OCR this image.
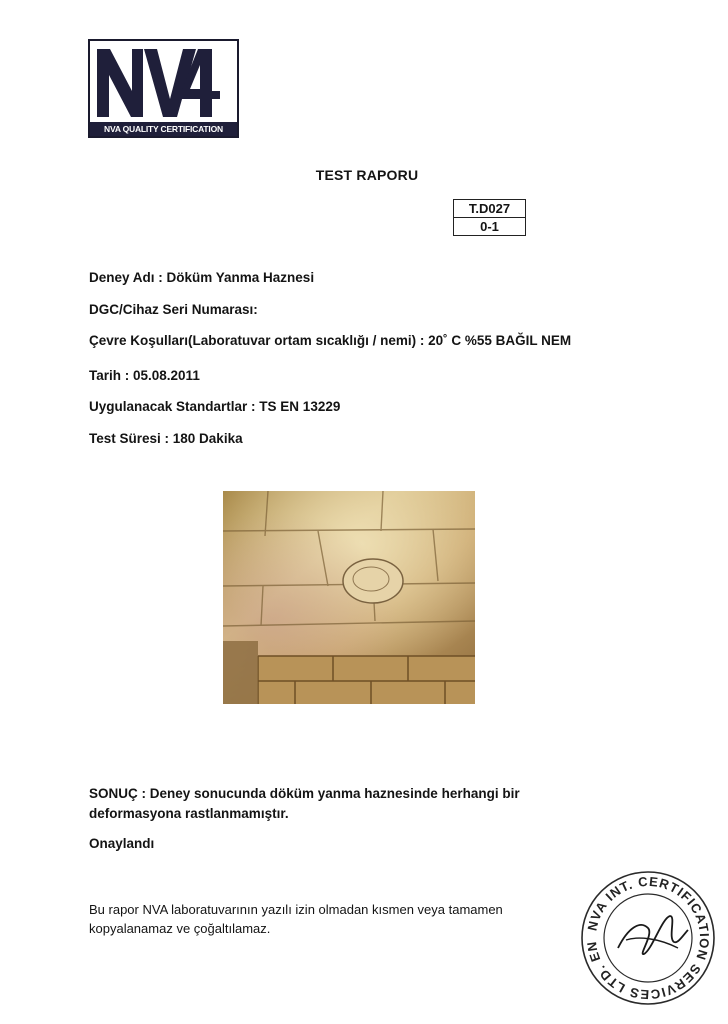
NVA QUALITY CERTIFICATION
TEST RAPORU
T.D027
0-1
Deney Adı : Döküm Yanma Haznesi
DGC/Cihaz Seri Numarası:
Çevre Koşulları(Laboratuvar ortam sıcaklığı / nemi) : 20˚ C %55 BAĞIL NEM
Tarih : 05.08.2011
Uygulanacak Standartlar : TS EN 13229
Test Süresi : 180 Dakika
SONUÇ : Deney sonucunda döküm yanma haznesinde herhangi bir deformasyona rastlanmamıştır.
Onaylandı
Bu rapor NVA laboratuvarının yazılı izin olmadan kısmen veya tamamen kopyalanamaz ve çoğaltılamaz.	NVA INT. CERTIFICATION SERVICES LTD. EN
